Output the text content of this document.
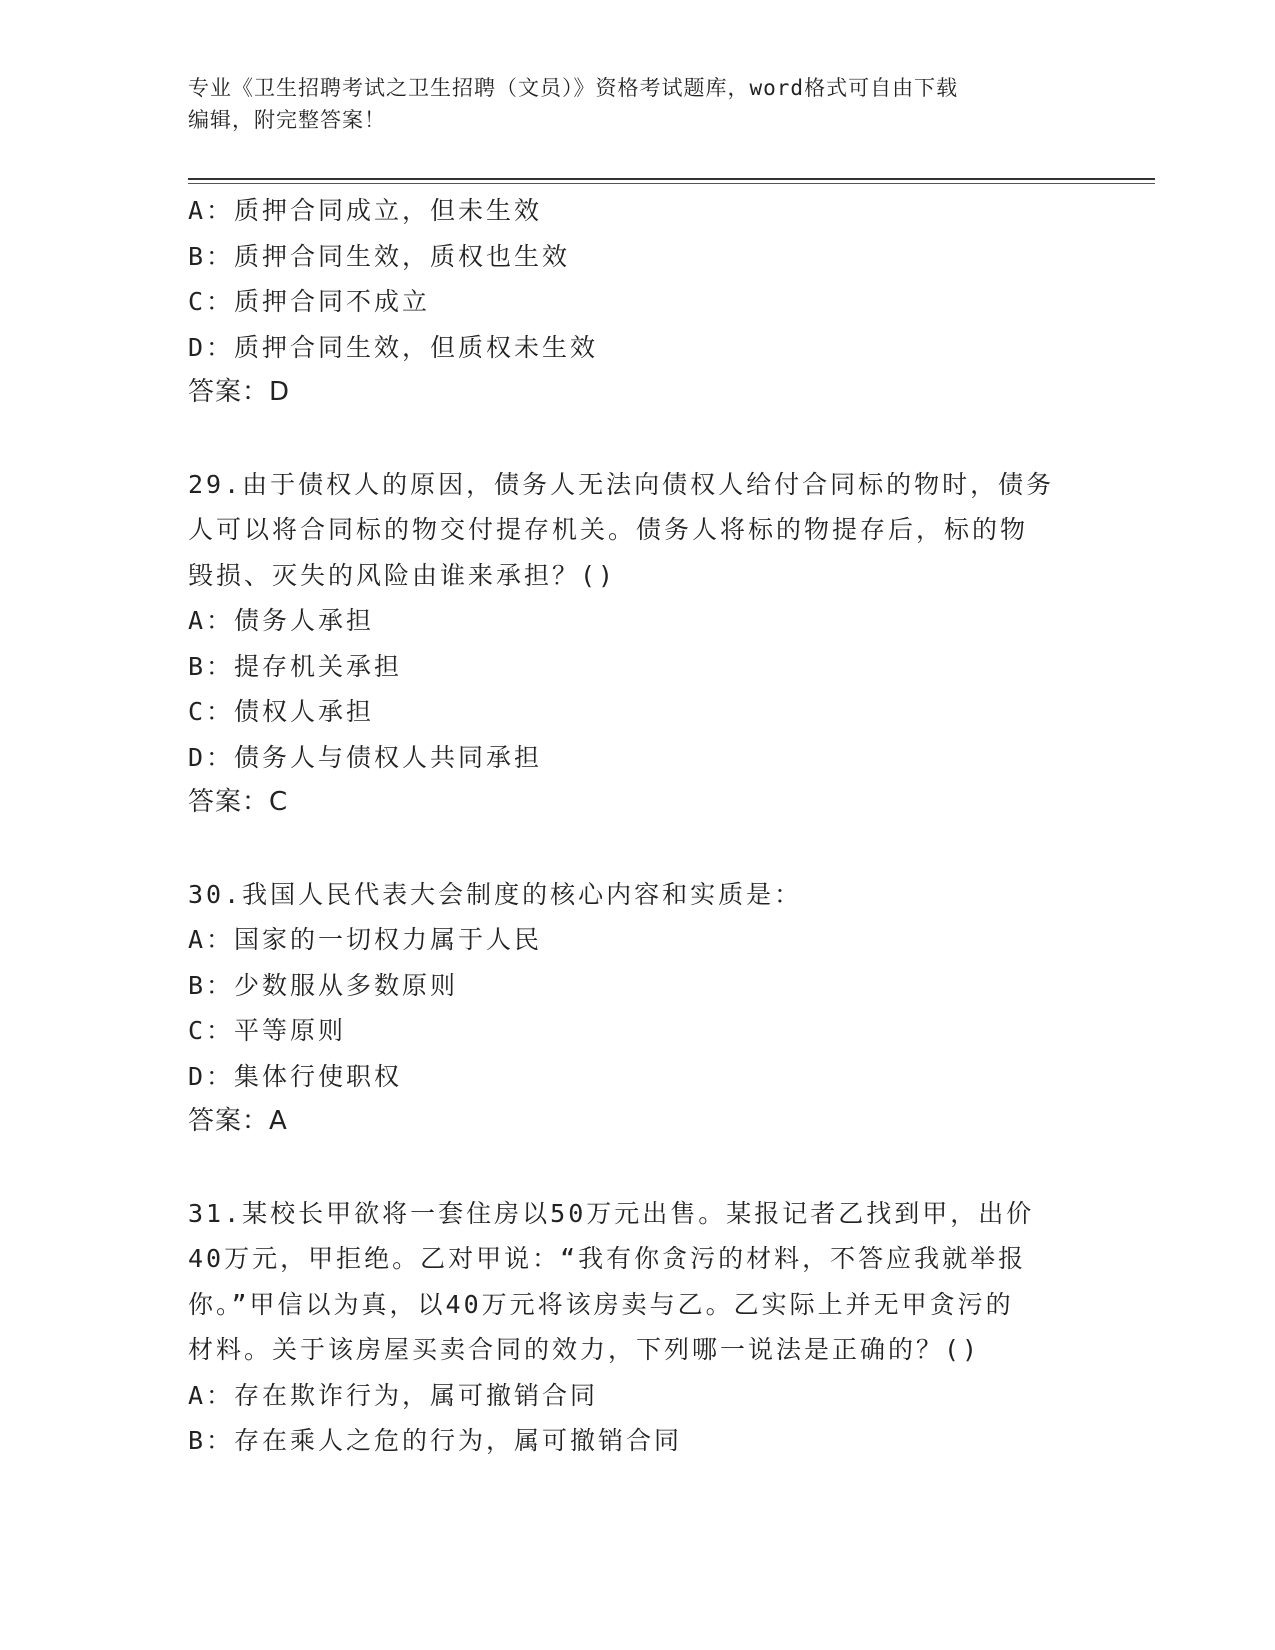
专业《卫生招聘考试之卫生招聘（文员）》资格考试题库，word格式可自由下载
编辑，附完整答案！
A：质押合同成立，但未生效
B：质押合同生效，质权也生效
C：质押合同不成立
D：质押合同生效，但质权未生效
答案：D
29.由于债权人的原因，债务人无法向债权人给付合同标的物时，债务
人可以将合同标的物交付提存机关。债务人将标的物提存后，标的物
毁损、灭失的风险由谁来承担？()
A：债务人承担
B：提存机关承担
C：债权人承担
D：债务人与债权人共同承担
答案：C
30.我国人民代表大会制度的核心内容和实质是：
A：国家的一切权力属于人民
B：少数服从多数原则
C：平等原则
D：集体行使职权
答案：A
31.某校长甲欲将一套住房以50万元出售。某报记者乙找到甲，出价
40万元，甲拒绝。乙对甲说：“我有你贪污的材料，不答应我就举报
你。”甲信以为真，以40万元将该房卖与乙。乙实际上并无甲贪污的
材料。关于该房屋买卖合同的效力，下列哪一说法是正确的？()
A：存在欺诈行为，属可撤销合同
B：存在乘人之危的行为，属可撤销合同
